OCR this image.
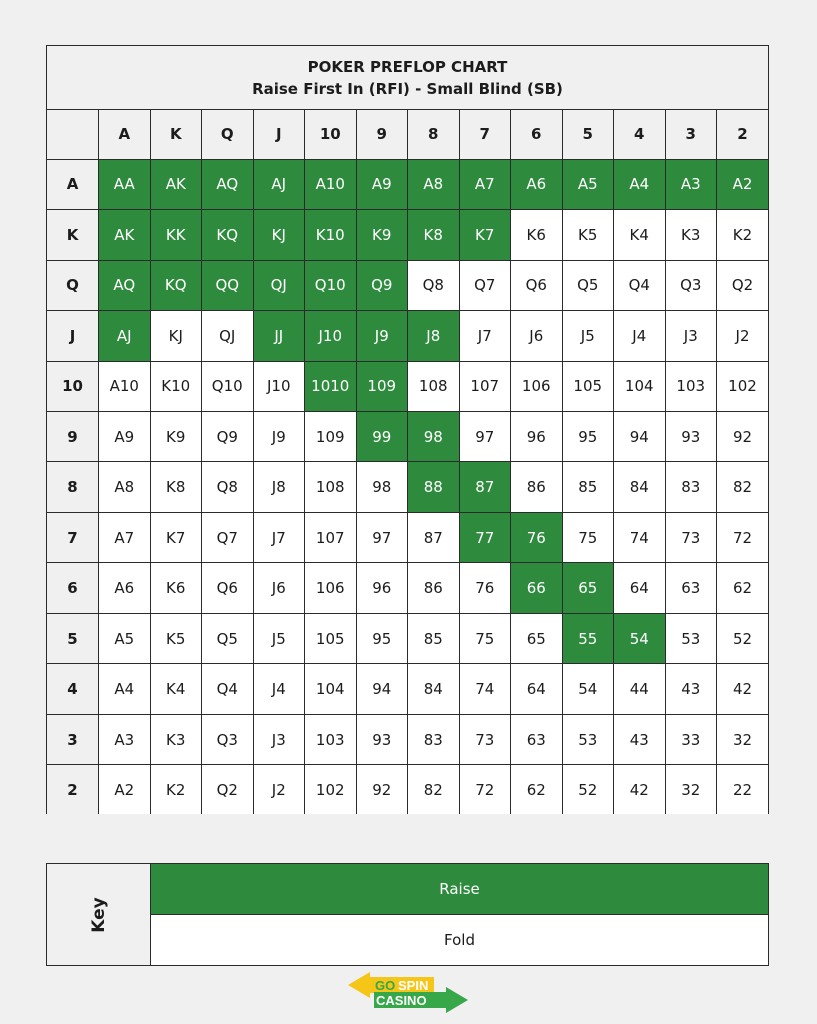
POKER PREFLOP CHART
Raise First In (RFI) - Small Blind (SB)
	A	K	Q	J	10	9	8	7	6	5	4	3	2
A	AA	AK	AQ	AJ	A10	A9	A8	A7	A6	A5	A4	A3	A2
K	AK	KK	KQ	KJ	K10	K9	K8	K7	K6	K5	K4	K3	K2
Q	AQ	KQ	QQ	QJ	Q10	Q9	Q8	Q7	Q6	Q5	Q4	Q3	Q2
J	AJ	KJ	QJ	JJ	J10	J9	J8	J7	J6	J5	J4	J3	J2
10	A10	K10	Q10	J10	1010	109	108	107	106	105	104	103	102
9	A9	K9	Q9	J9	109	99	98	97	96	95	94	93	92
8	A8	K8	Q8	J8	108	98	88	87	86	85	84	83	82
7	A7	K7	Q7	J7	107	97	87	77	76	75	74	73	72
6	A6	K6	Q6	J6	106	96	86	76	66	65	64	63	62
5	A5	K5	Q5	J5	105	95	85	75	65	55	54	53	52
4	A4	K4	Q4	J4	104	94	84	74	64	54	44	43	42
3	A3	K3	Q3	J3	103	93	83	73	63	53	43	33	32
2	A2	K2	Q2	J2	102	92	82	72	62	52	42	32	22
Key
Raise
Fold
GO SPIN
CASINO
